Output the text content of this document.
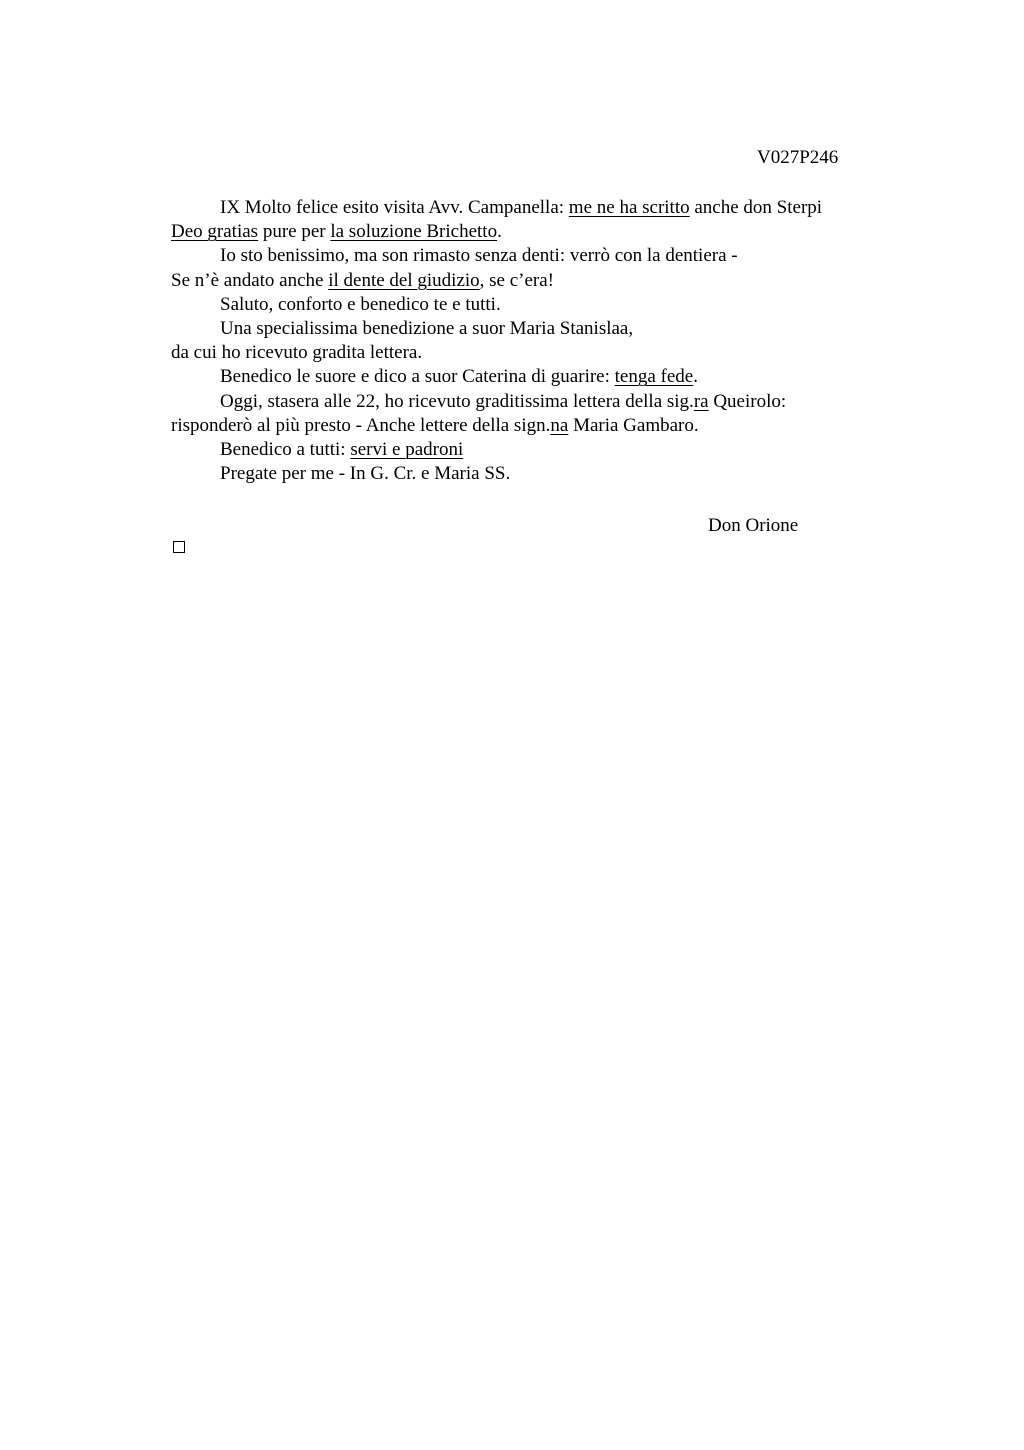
V027P246
IX Molto felice esito visita Avv. Campanella: me ne ha scritto anche don Sterpi
Deo gratias pure per la soluzione Brichetto.
Io sto benissimo, ma son rimasto senza denti: verrò con la dentiera -
Se n’è andato anche il dente del giudizio, se c’era!
Saluto, conforto e benedico te e tutti.
Una specialissima benedizione a suor Maria Stanislaa,
da cui ho ricevuto gradita lettera.
Benedico le suore e dico a suor Caterina di guarire: tenga fede.
Oggi, stasera alle 22, ho ricevuto graditissima lettera della sig.ra Queirolo:
risponderò al più presto - Anche lettere della sign.na Maria Gambaro.
Benedico a tutti: servi e padroni
Pregate per me - In G. Cr. e Maria SS.
Don Orione
